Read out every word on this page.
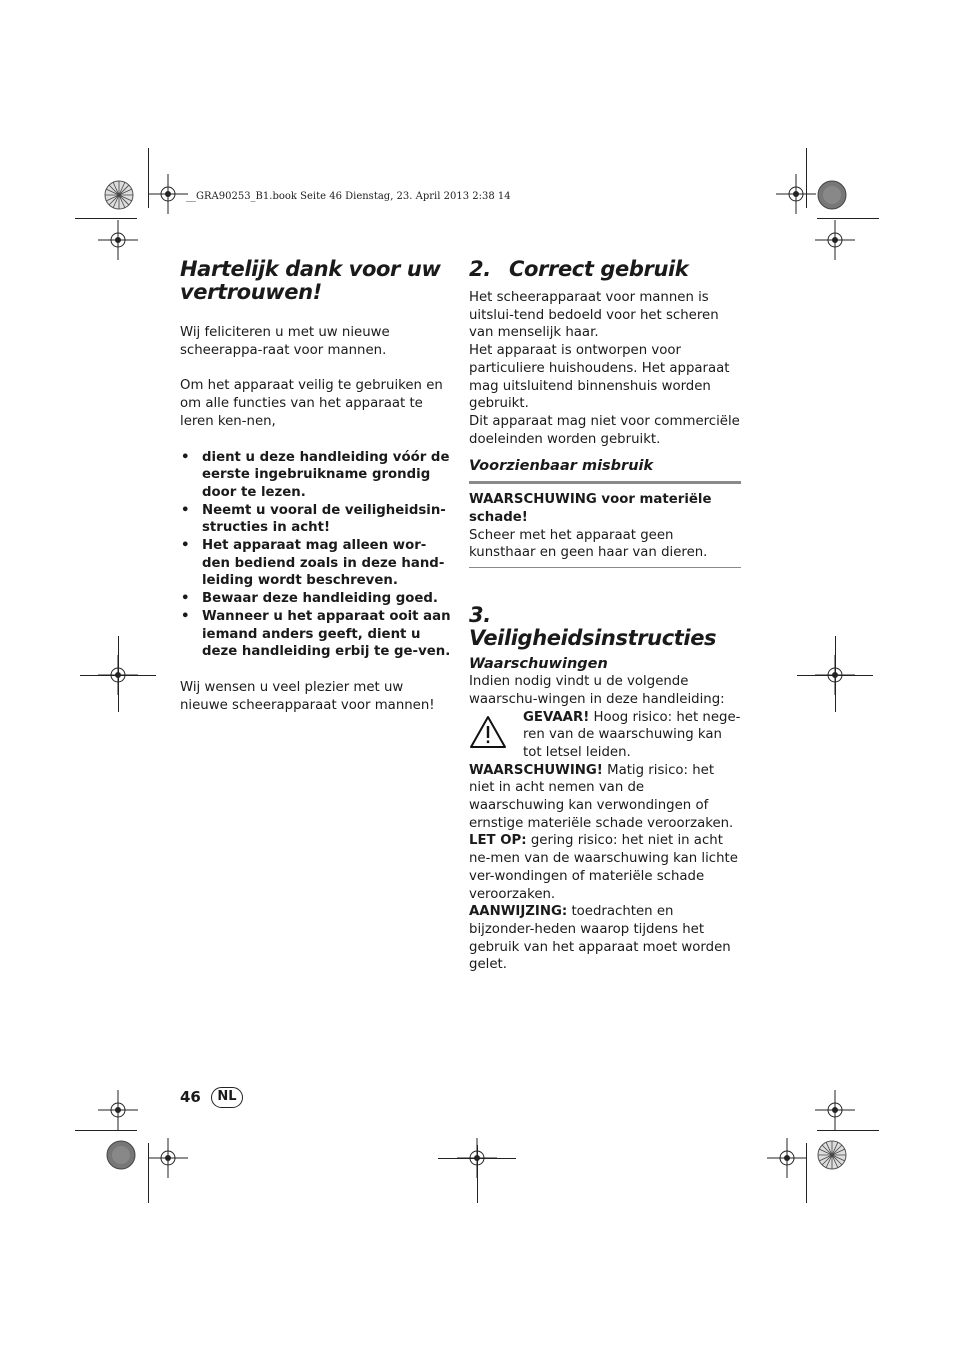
__GRA90253_B1.book Seite 46 Dienstag, 23. April 2013 2:38 14
Hartelijk dank voor uw vertrouwen!

Wij feliciteren u met uw nieuwe scheerappa-raat voor mannen.

Om het apparaat veilig te gebruiken en om alle functies van het apparaat te leren ken-nen,

• dient u deze handleiding vóór de eerste ingebruikname grondig door te lezen.
• Neemt u vooral de veiligheidsin-structies in acht!
• Het apparaat mag alleen wor-den bediend zoals in deze hand-leiding wordt beschreven.
• Bewaar deze handleiding goed.
• Wanneer u het apparaat ooit aan iemand anders geeft, dient u deze handleiding erbij te ge-ven.

Wij wensen u veel plezier met uw nieuwe scheerapparaat voor mannen!

2. Correct gebruik

Het scheerapparaat voor mannen is uitslui-tend bedoeld voor het scheren van menselijk haar.

Het apparaat is ontworpen voor particuliere huishoudens. Het apparaat mag uitsluitend binnenshuis worden gebruikt.

Dit apparaat mag niet voor commerciële doeleinden worden gebruikt.

Voorzienbaar misbruik

WAARSCHUWING voor materiële schade!

Scheer met het apparaat geen kunsthaar en geen haar van dieren.

3.Veiligheidsinstructies
Waarschuwingen

Indien nodig vindt u de volgende waarschu-wingen in deze handleiding:

GEVAAR! Hoog risico: het nege-ren van de waarschuwing kan tot letsel leiden.

WAARSCHUWING! Matig risico: het niet in acht nemen van de waarschuwing kan verwondingen of ernstige materiële schade veroorzaken.

LET OP: gering risico: het niet in acht ne-men van de waarschuwing kan lichte ver-wondingen of materiële schade veroorzaken.

AANWIJZING: toedrachten en bijzonder-heden waarop tijdens het gebruik van het apparaat moet worden gelet.

46	NL
